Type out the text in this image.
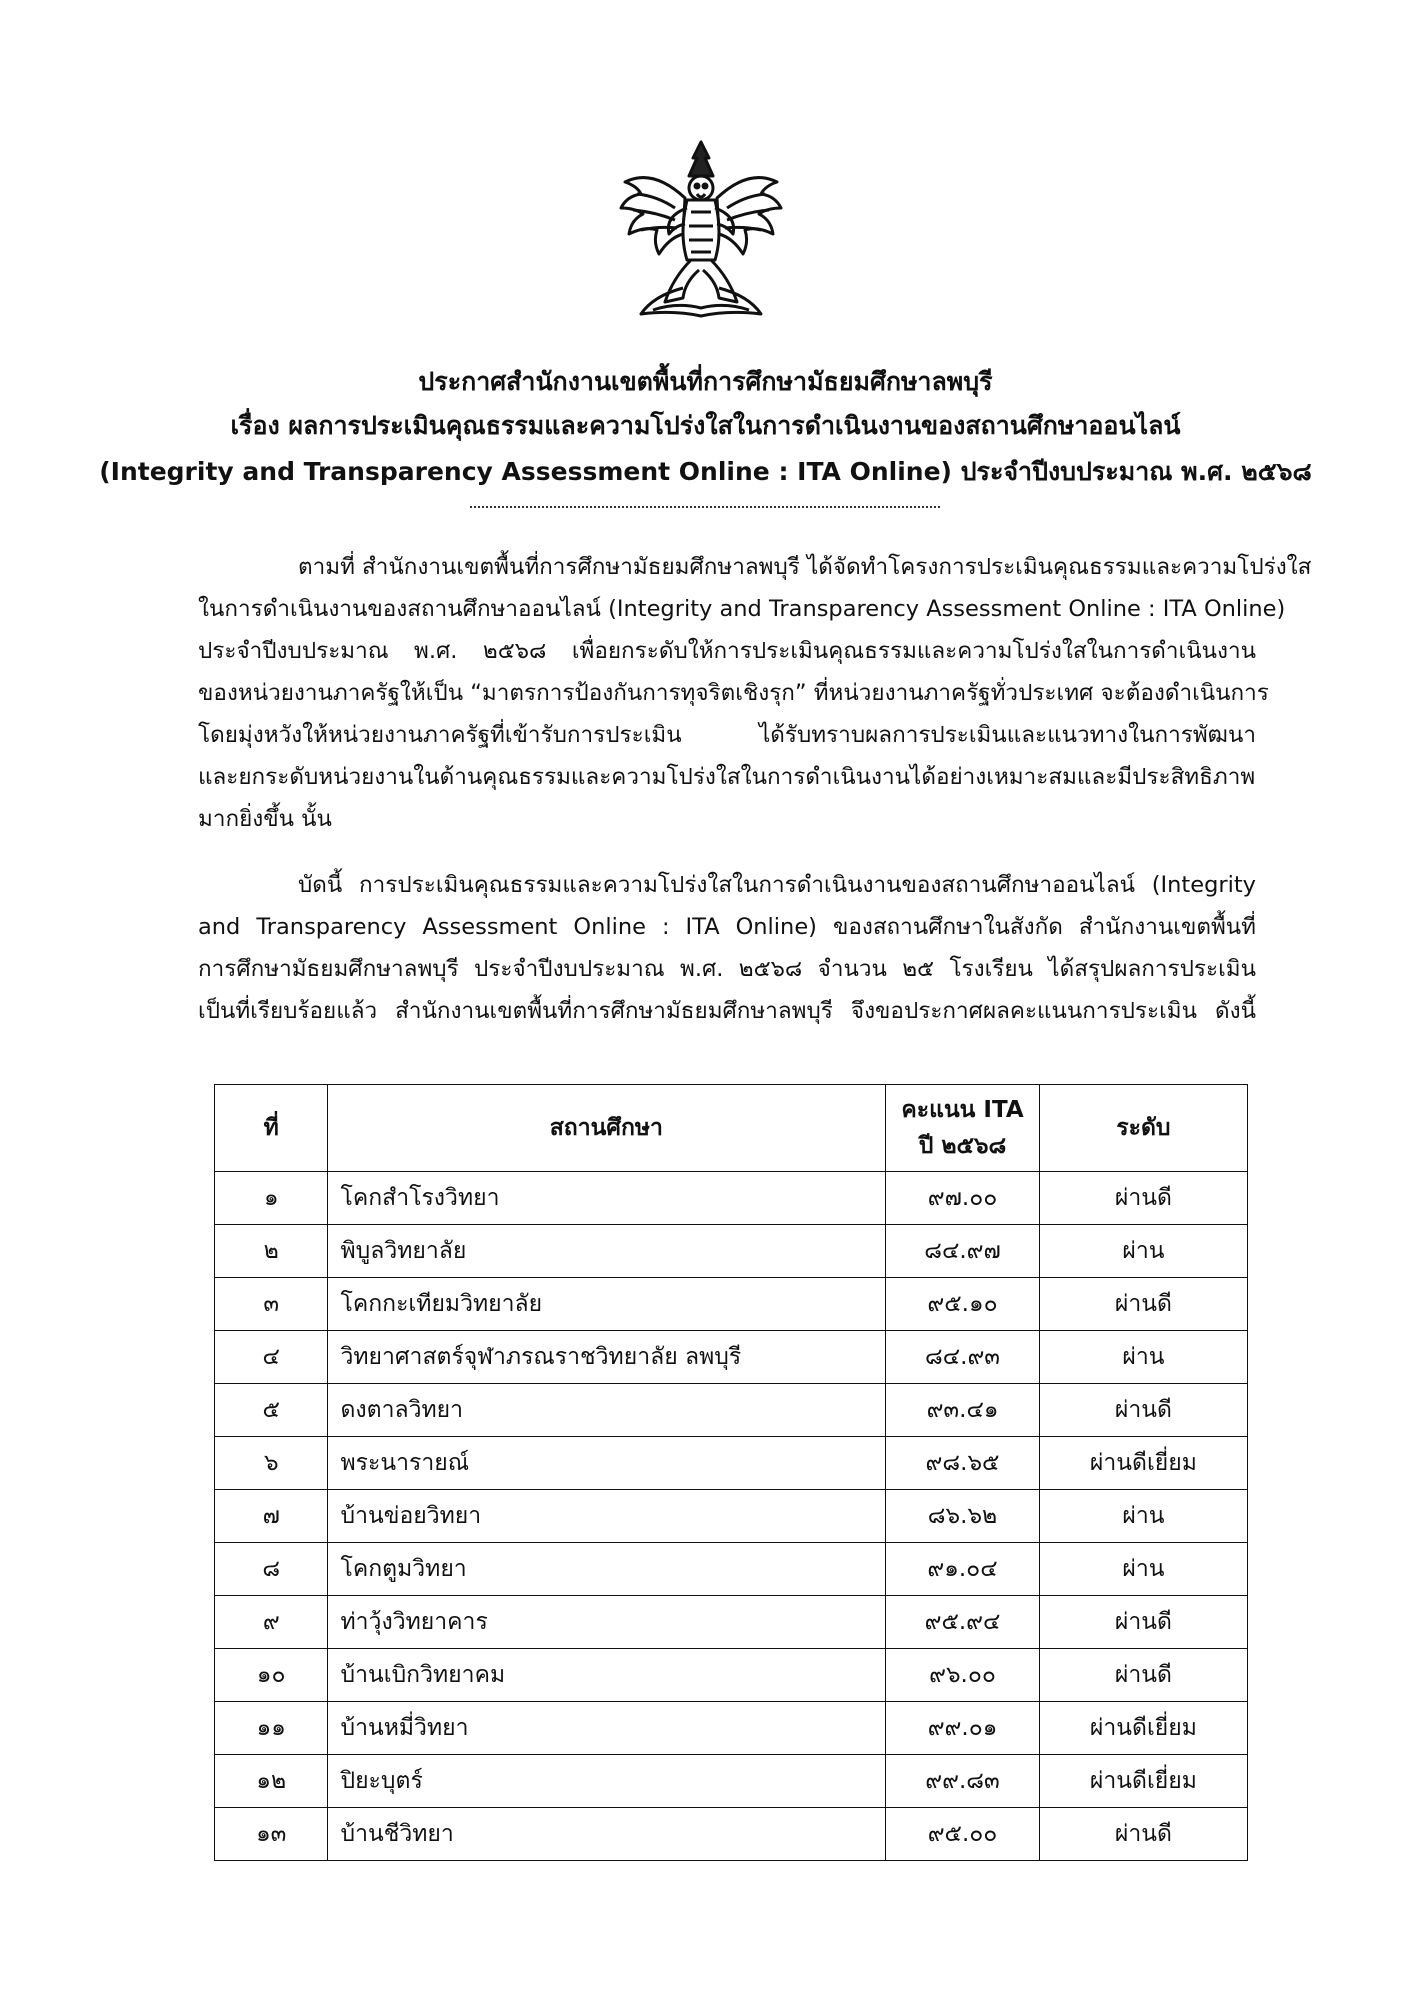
ประกาศสำนักงานเขตพื้นที่การศึกษามัธยมศึกษาลพบุรี
เรื่อง ผลการประเมินคุณธรรมและความโปร่งใสในการดำเนินงานของสถานศึกษาออนไลน์
(Integrity and Transparency Assessment Online : ITA Online) ประจำปีงบประมาณ พ.ศ. ๒๕๖๘
ตามที่ สำนักงานเขตพื้นที่การศึกษามัธยมศึกษาลพบุรี ได้จัดทำโครงการประเมินคุณธรรมและความโปร่งใส
ในการดำเนินงานของสถานศึกษาออนไลน์ (Integrity and Transparency Assessment Online : ITA Online)
ประจำปีงบประมาณ พ.ศ. ๒๕๖๘ เพื่อยกระดับให้การประเมินคุณธรรมและความโปร่งใสในการดำเนินงาน
ของหน่วยงานภาครัฐให้เป็น “มาตรการป้องกันการทุจริตเชิงรุก” ที่หน่วยงานภาครัฐทั่วประเทศ จะต้องดำเนินการ
โดยมุ่งหวังให้หน่วยงานภาครัฐที่เข้ารับการประเมิน ได้รับทราบผลการประเมินและแนวทางในการพัฒนา
และยกระดับหน่วยงานในด้านคุณธรรมและความโปร่งใสในการดำเนินงานได้อย่างเหมาะสมและมีประสิทธิภาพ
มากยิ่งขึ้น นั้น
บัดนี้ การประเมินคุณธรรมและความโปร่งใสในการดำเนินงานของสถานศึกษาออนไลน์ (Integrity
and Transparency Assessment Online : ITA Online) ของสถานศึกษาในสังกัด สำนักงานเขตพื้นที่
การศึกษามัธยมศึกษาลพบุรี ประจำปีงบประมาณ พ.ศ. ๒๕๖๘ จำนวน ๒๕ โรงเรียน ได้สรุปผลการประเมิน
เป็นที่เรียบร้อยแล้ว สำนักงานเขตพื้นที่การศึกษามัธยมศึกษาลพบุรี จึงขอประกาศผลคะแนนการประเมิน ดังนี้
ที่	สถานศึกษา	คะแนน ITA
ปี ๒๕๖๘	ระดับ
๑	โคกสำโรงวิทยา	๙๗.๐๐	ผ่านดี
๒	พิบูลวิทยาลัย	๘๔.๙๗	ผ่าน
๓	โคกกะเทียมวิทยาลัย	๙๕.๑๐	ผ่านดี
๔	วิทยาศาสตร์จุฬาภรณราชวิทยาลัย ลพบุรี	๘๔.๙๓	ผ่าน
๕	ดงตาลวิทยา	๙๓.๔๑	ผ่านดี
๖	พระนารายณ์	๙๘.๖๕	ผ่านดีเยี่ยม
๗	บ้านข่อยวิทยา	๘๖.๖๒	ผ่าน
๘	โคกตูมวิทยา	๙๑.๐๔	ผ่าน
๙	ท่าวุ้งวิทยาคาร	๙๕.๙๔	ผ่านดี
๑๐	บ้านเบิกวิทยาคม	๙๖.๐๐	ผ่านดี
๑๑	บ้านหมี่วิทยา	๙๙.๐๑	ผ่านดีเยี่ยม
๑๒	ปิยะบุตร์	๙๙.๘๓	ผ่านดีเยี่ยม
๑๓	บ้านชีวิทยา	๙๕.๐๐	ผ่านดี
